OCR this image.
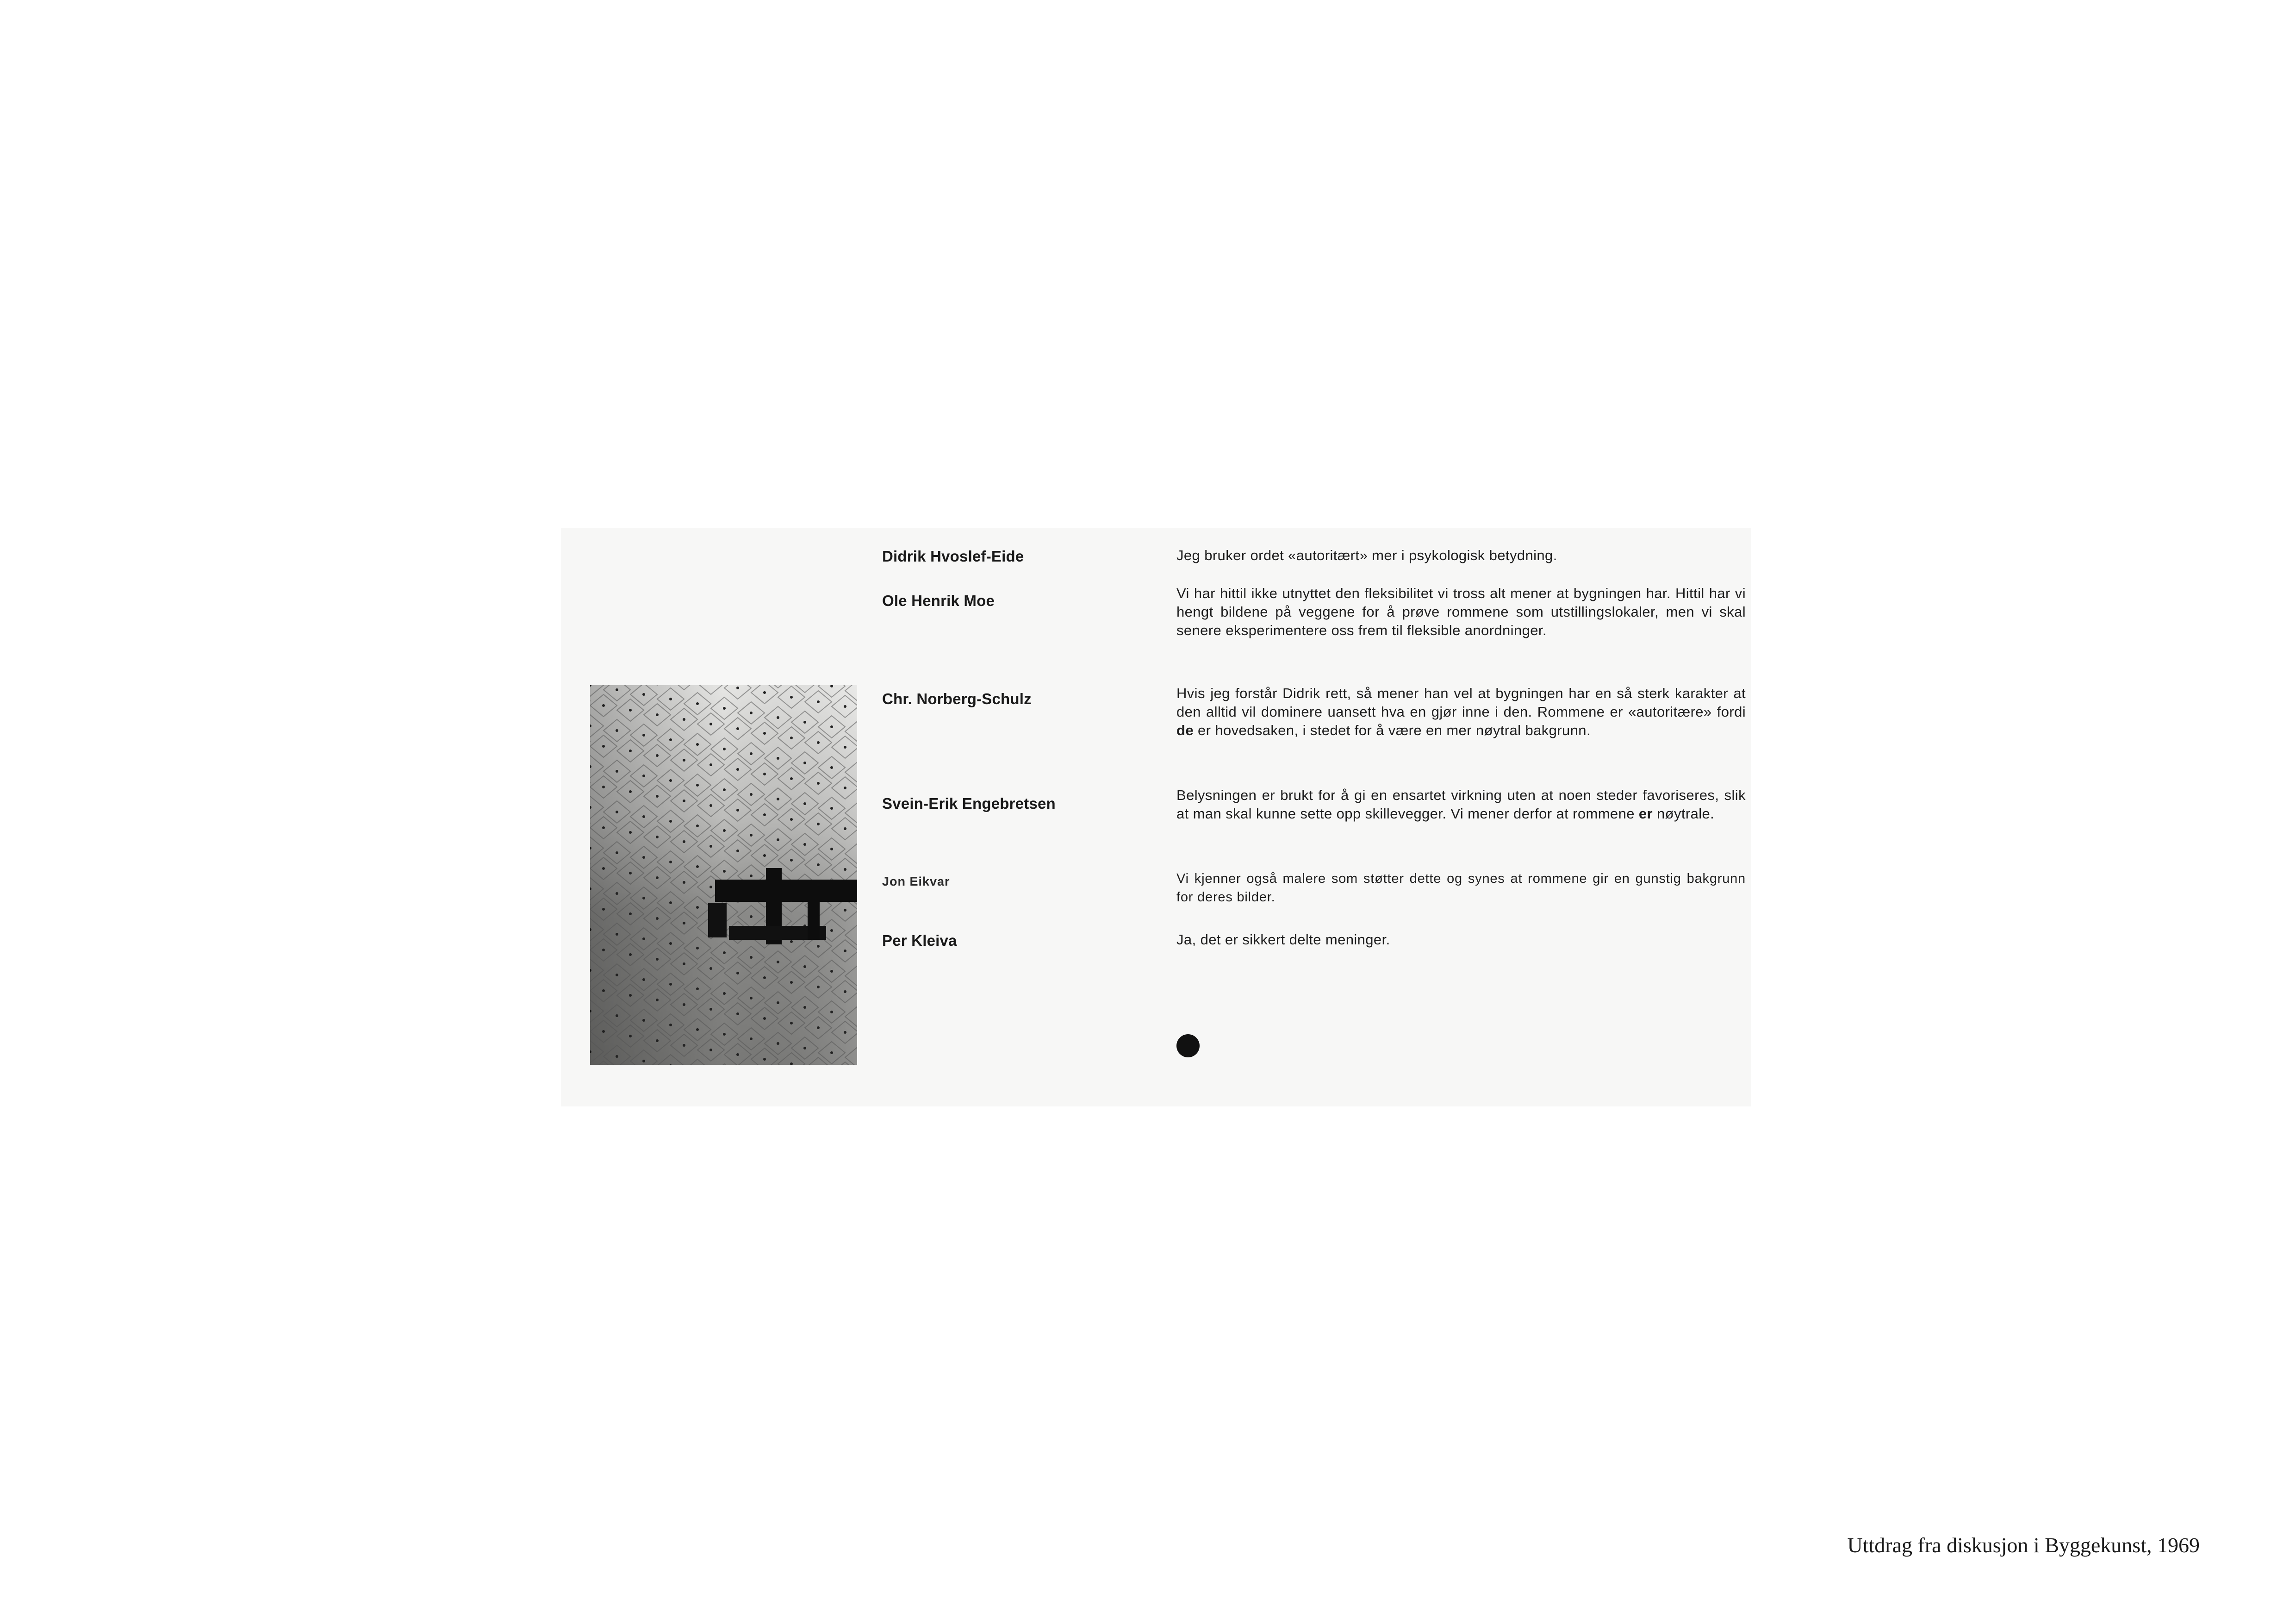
Didrik Hvoslef-Eide	Jeg bruker ordet «autoritært» mer i psykologisk betydning.
Ole Henrik Moe	Vi har hittil ikke utnyttet den fleksibilitet vi tross alt mener at bygningen har. Hittil har vi hengt bildene på veggene for å prøve rommene som utstillingslokaler, men vi skal senere eksperimentere oss frem til fleksible anordninger.
Chr. Norberg-Schulz	Hvis jeg forstår Didrik rett, så mener han vel at bygningen har en så sterk karakter at den alltid vil dominere uansett hva en gjør inne i den. Rommene er «autoritære» fordi de er hovedsaken, i stedet for å være en mer nøytral bakgrunn.
Svein-Erik Engebretsen	Belysningen er brukt for å gi en ensartet virkning uten at noen steder favoriseres, slik at man skal kunne sette opp skillevegger. Vi mener derfor at rommene er nøytrale.
Jon Eikvar	Vi kjenner også malere som støtter dette og synes at rommene gir en gunstig bakgrunn for deres bilder.
Per Kleiva	Ja, det er sikkert delte meninger.
Uttdrag fra diskusjon i Byggekunst, 1969
